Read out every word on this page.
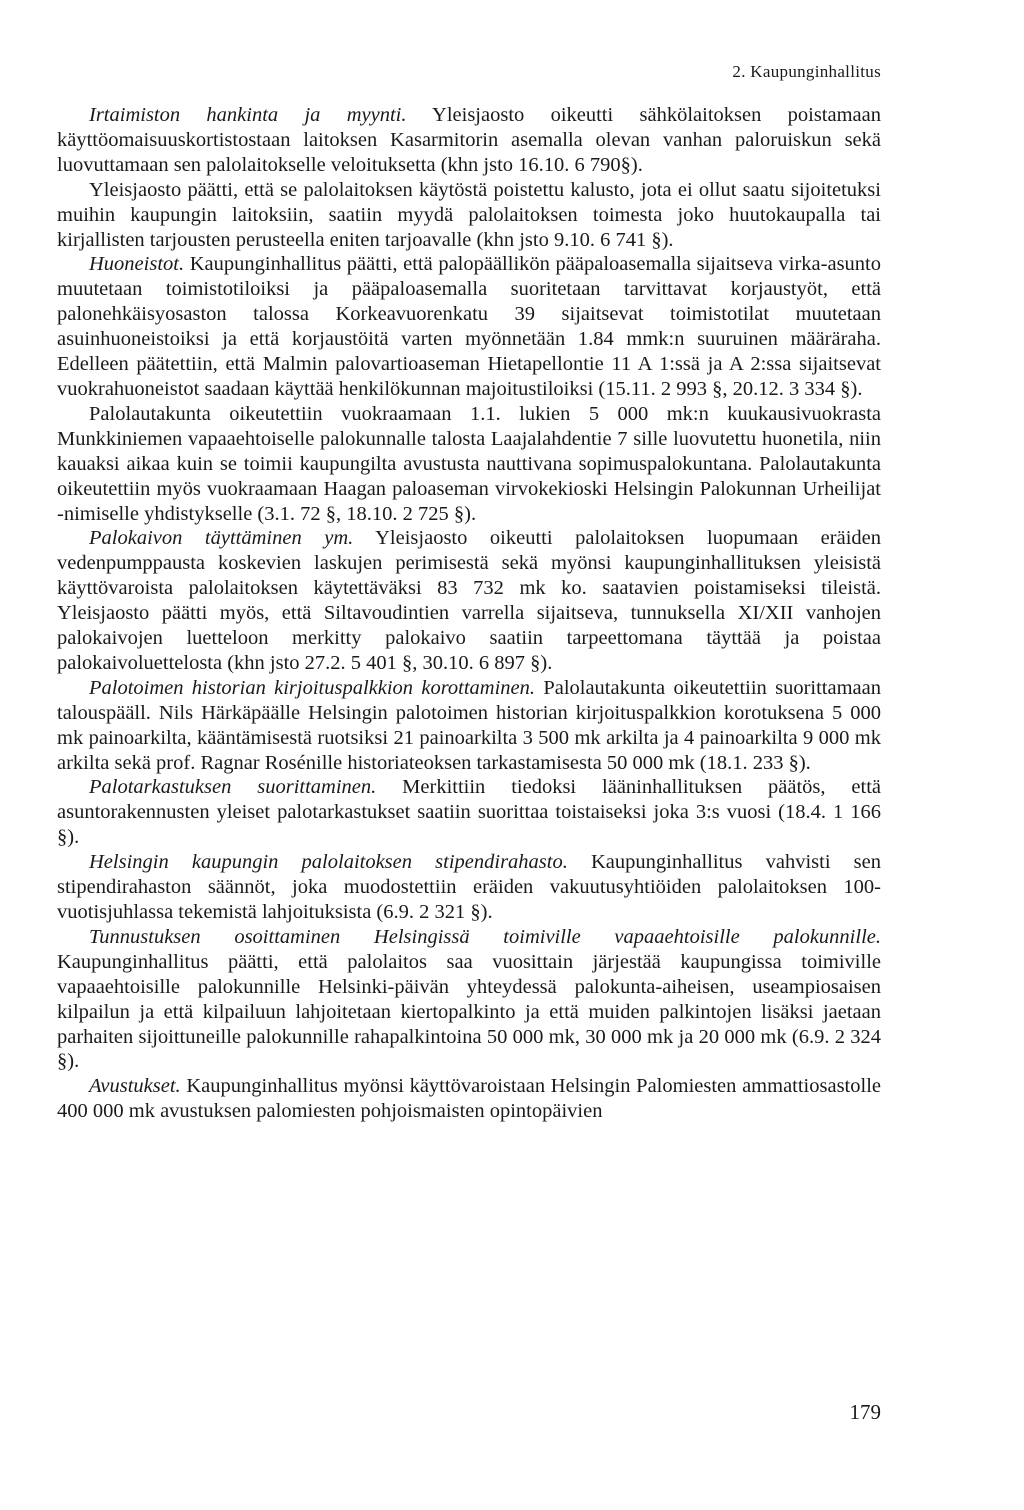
2. Kaupunginhallitus

Irtaimiston hankinta ja myynti. Yleisjaosto oikeutti sähkölaitoksen poistamaan käyttöomaisuuskortistostaan laitoksen Kasarmitorin asemalla olevan vanhan paloruiskun sekä luovuttamaan sen palolaitokselle veloituksetta (khn jsto 16.10. 6 790§).

Yleisjaosto päätti, että se palolaitoksen käytöstä poistettu kalusto, jota ei ollut saatu sijoitetuksi muihin kaupungin laitoksiin, saatiin myydä palolaitoksen toimesta joko huutokaupalla tai kirjallisten tarjousten perusteella eniten tarjoavalle (khn jsto 9.10. 6 741 §).

Huoneistot. Kaupunginhallitus päätti, että palopäällikön pääpaloasemalla sijaitseva virka-asunto muutetaan toimistotiloiksi ja pääpaloasemalla suoritetaan tarvittavat korjaustyöt, että palonehkäisyosaston talossa Korkeavuorenkatu 39 sijaitsevat toimistotilat muutetaan asuinhuoneistoiksi ja että korjaustöitä varten myönnetään 1.84 mmk:n suuruinen määräraha. Edelleen päätettiin, että Malmin palovartioaseman Hietapellontie 11 A 1:ssä ja A 2:ssa sijaitsevat vuokrahuoneistot saadaan käyttää henkilökunnan majoitustiloiksi (15.11. 2 993 §, 20.12. 3 334 §).

Palolautakunta oikeutettiin vuokraamaan 1.1. lukien 5 000 mk:n kuukausivuokrasta Munkkiniemen vapaaehtoiselle palokunnalle talosta Laajalahdentie 7 sille luovutettu huonetila, niin kauaksi aikaa kuin se toimii kaupungilta avustusta nauttivana sopimuspalokuntana. Palolautakunta oikeutettiin myös vuokraamaan Haagan paloaseman virvokekioski Helsingin Palokunnan Urheilijat -nimiselle yhdistykselle (3.1. 72 §, 18.10. 2 725 §).

Palokaivon täyttäminen ym. Yleisjaosto oikeutti palolaitoksen luopumaan eräiden vedenpumppausta koskevien laskujen perimisestä sekä myönsi kaupunginhallituksen yleisistä käyttövaroista palolaitoksen käytettäväksi 83 732 mk ko. saatavien poistamiseksi tileistä. Yleisjaosto päätti myös, että Siltavoudintien varrella sijaitseva, tunnuksella XI/XII vanhojen palokaivojen luetteloon merkitty palokaivo saatiin tarpeettomana täyttää ja poistaa palokaivoluettelosta (khn jsto 27.2. 5 401 §, 30.10. 6 897 §).

Palotoimen historian kirjoituspalkkion korottaminen. Palolautakunta oikeutettiin suorittamaan talouspääll. Nils Härkäpäälle Helsingin palotoimen historian kirjoituspalkkion korotuksena 5 000 mk painoarkilta, kääntämisestä ruotsiksi 21 painoarkilta 3 500 mk arkilta ja 4 painoarkilta 9 000 mk arkilta sekä prof. Ragnar Rosénille historiateoksen tarkastamisesta 50 000 mk (18.1. 233 §).

Palotarkastuksen suorittaminen. Merkittiin tiedoksi lääninhallituksen päätös, että asuntorakennusten yleiset palotarkastukset saatiin suorittaa toistaiseksi joka 3:s vuosi (18.4. 1 166 §).

Helsingin kaupungin palolaitoksen stipendirahasto. Kaupunginhallitus vahvisti sen stipendirahaston säännöt, joka muodostettiin eräiden vakuutusyhtiöiden palolaitoksen 100-vuotisjuhlassa tekemistä lahjoituksista (6.9. 2 321 §).

Tunnustuksen osoittaminen Helsingissä toimiville vapaaehtoisille palokunnille. Kaupunginhallitus päätti, että palolaitos saa vuosittain järjestää kaupungissa toimiville vapaaehtoisille palokunnille Helsinki-päivän yhteydessä palokunta-aiheisen, useampiosaisen kilpailun ja että kilpailuun lahjoitetaan kiertopalkinto ja että muiden palkintojen lisäksi jaetaan parhaiten sijoittuneille palokunnille rahapalkintoina 50 000 mk, 30 000 mk ja 20 000 mk (6.9. 2 324 §).

Avustukset. Kaupunginhallitus myönsi käyttövaroistaan Helsingin Palomiesten ammattiosastolle 400 000 mk avustuksen palomiesten pohjoismaisten opintopäivien

179
